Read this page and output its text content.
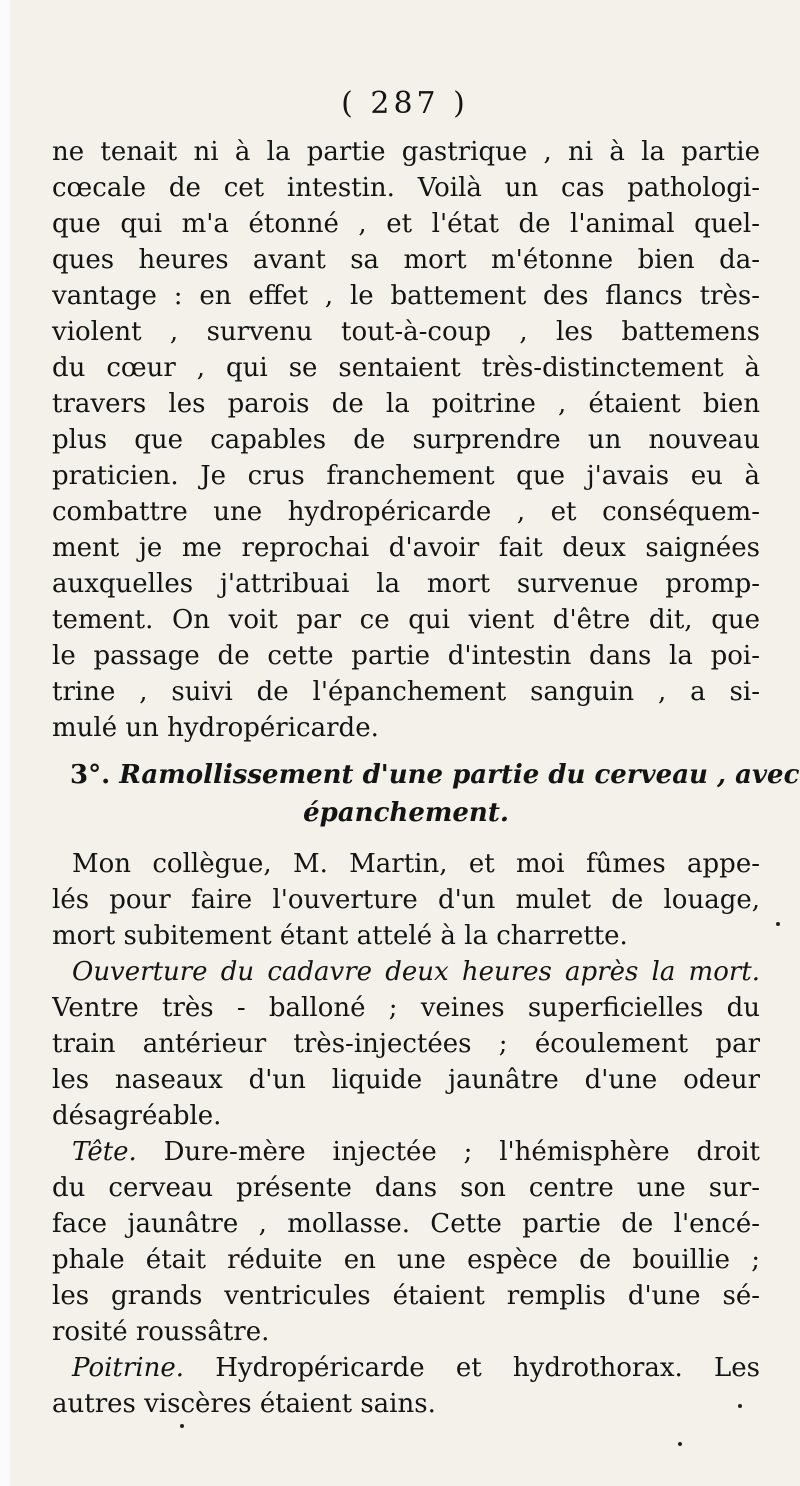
( 287 )
ne tenait ni à la partie gastrique , ni à la partie
cœcale de cet intestin. Voilà un cas pathologi-
que qui m'a étonné , et l'état de l'animal quel-
ques heures avant sa mort m'étonne bien da-
vantage : en effet , le battement des flancs très-
violent , survenu tout-à-coup , les battemens
du cœur , qui se sentaient très-distinctement à
travers les parois de la poitrine , étaient bien
plus que capables de surprendre un nouveau
praticien. Je crus franchement que j'avais eu à
combattre une hydropéricarde , et conséquem-
ment je me reprochai d'avoir fait deux saignées
auxquelles j'attribuai la mort survenue promp-
tement. On voit par ce qui vient d'être dit, que
le passage de cette partie d'intestin dans la poi-
trine , suivi de l'épanchement sanguin , a si-
mulé un hydropéricarde.
3°. Ramollissement d'une partie du cerveau , avec
épanchement.
Mon collègue, M. Martin, et moi fûmes appe-
lés pour faire l'ouverture d'un mulet de louage,
mort subitement étant attelé à la charrette.
Ouverture du cadavre deux heures après la mort.
Ventre très - balloné ; veines superficielles du
train antérieur très-injectées ; écoulement par
les naseaux d'un liquide jaunâtre d'une odeur
désagréable.
Tête. Dure-mère injectée ; l'hémisphère droit
du cerveau présente dans son centre une sur-
face jaunâtre , mollasse. Cette partie de l'encé-
phale était réduite en une espèce de bouillie ;
les grands ventricules étaient remplis d'une sé-
rosité roussâtre.
Poitrine. Hydropéricarde et hydrothorax. Les
autres viscères étaient sains.
